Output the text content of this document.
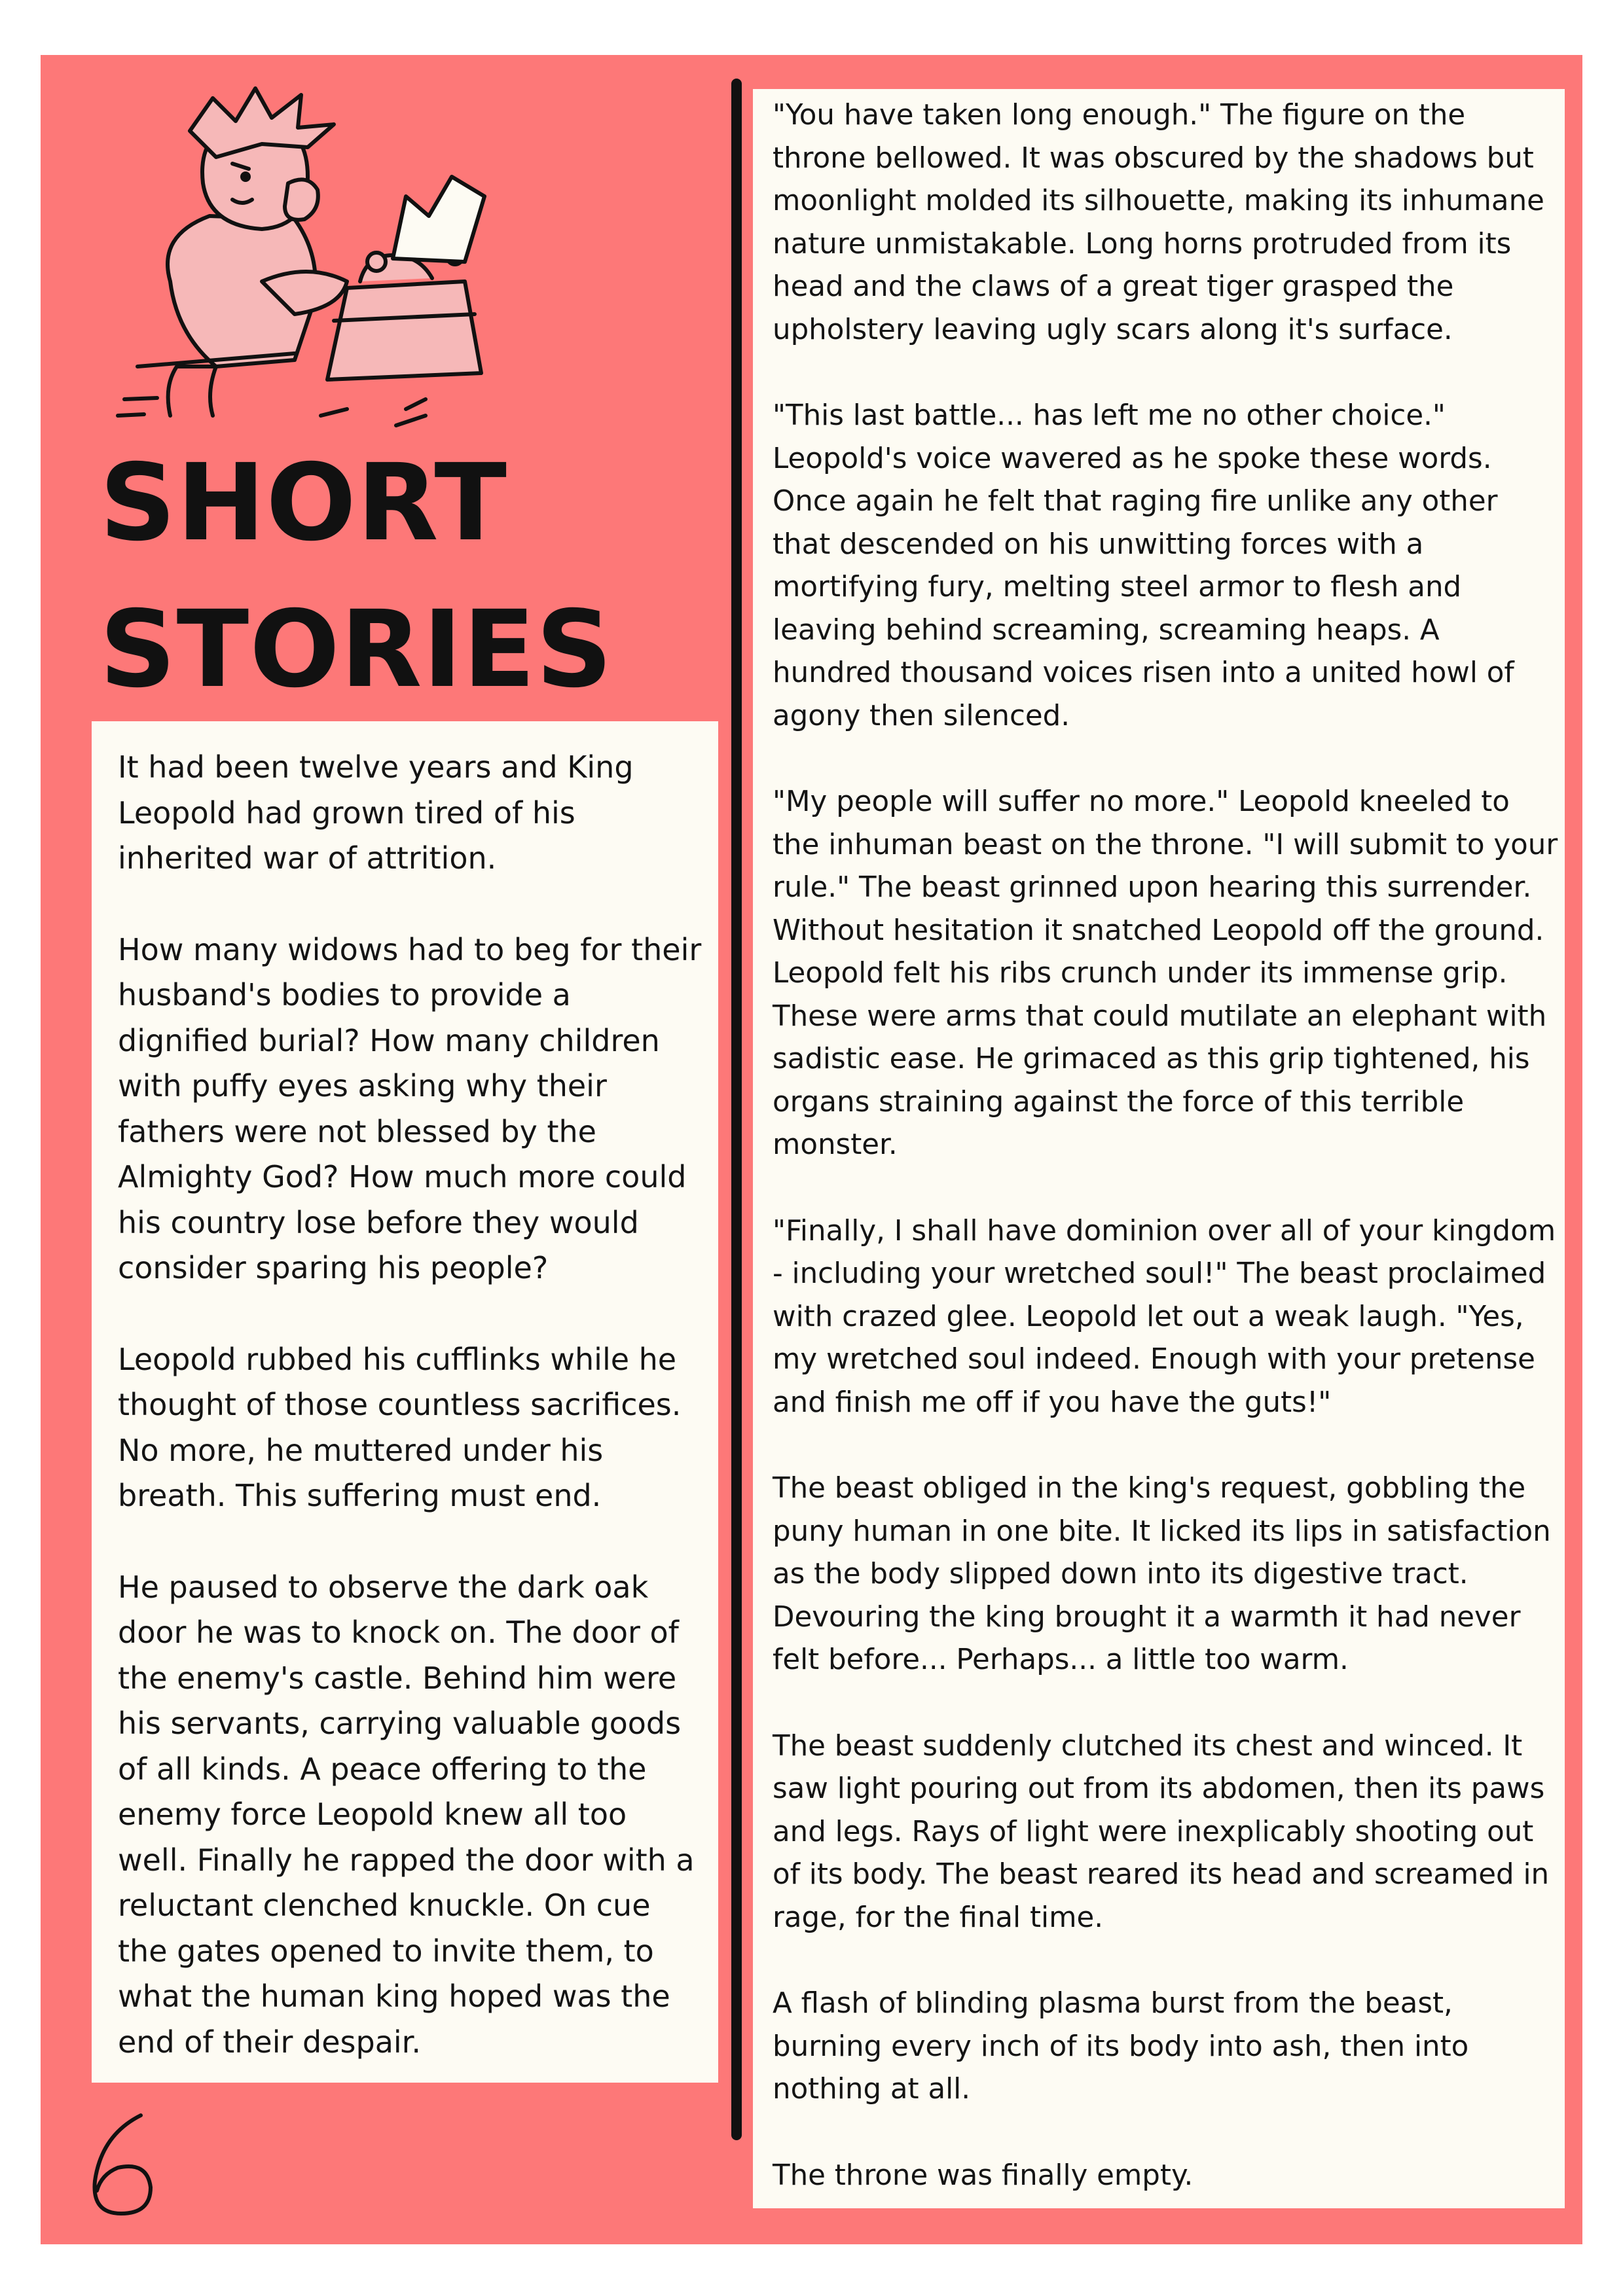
SHORT
STORIES

It had been twelve years and King Leopold had grown tired of his inherited war of attrition.

How many widows had to beg for their husband's bodies to provide a dignified burial? How many children with puffy eyes asking why their fathers were not blessed by the Almighty God? How much more could his country lose before they would consider sparing his people?

Leopold rubbed his cufflinks while he thought of those countless sacrifices. No more, he muttered under his breath. This suffering must end.

He paused to observe the dark oak door he was to knock on. The door of the enemy's castle. Behind him were his servants, carrying valuable goods of all kinds. A peace offering to the enemy force Leopold knew all too well. Finally he rapped the door with a reluctant clenched knuckle. On cue the gates opened to invite them, to what the human king hoped was the end of their despair.

"You have taken long enough." The figure on the throne bellowed. It was obscured by the shadows but moonlight molded its silhouette, making its inhumane nature unmistakable. Long horns protruded from its head and the claws of a great tiger grasped the upholstery leaving ugly scars along it's surface.

"This last battle... has left me no other choice." Leopold's voice wavered as he spoke these words. Once again he felt that raging fire unlike any other that descended on his unwitting forces with a mortifying fury, melting steel armor to flesh and leaving behind screaming, screaming heaps. A hundred thousand voices risen into a united howl of agony then silenced.

"My people will suffer no more." Leopold kneeled to the inhuman beast on the throne. "I will submit to your rule." The beast grinned upon hearing this surrender. Without hesitation it snatched Leopold off the ground. Leopold felt his ribs crunch under its immense grip. These were arms that could mutilate an elephant with sadistic ease. He grimaced as this grip tightened, his organs straining against the force of this terrible monster.

"Finally, I shall have dominion over all of your kingdom - including your wretched soul!" The beast proclaimed with crazed glee. Leopold let out a weak laugh. "Yes, my wretched soul indeed. Enough with your pretense and finish me off if you have the guts!"

The beast obliged in the king's request, gobbling the puny human in one bite. It licked its lips in satisfaction as the body slipped down into its digestive tract. Devouring the king brought it a warmth it had never felt before... Perhaps... a little too warm.

The beast suddenly clutched its chest and winced. It saw light pouring out from its abdomen, then its paws and legs. Rays of light were inexplicably shooting out of its body. The beast reared its head and screamed in rage, for the final time.

A flash of blinding plasma burst from the beast, burning every inch of its body into ash, then into nothing at all.

The throne was finally empty.
